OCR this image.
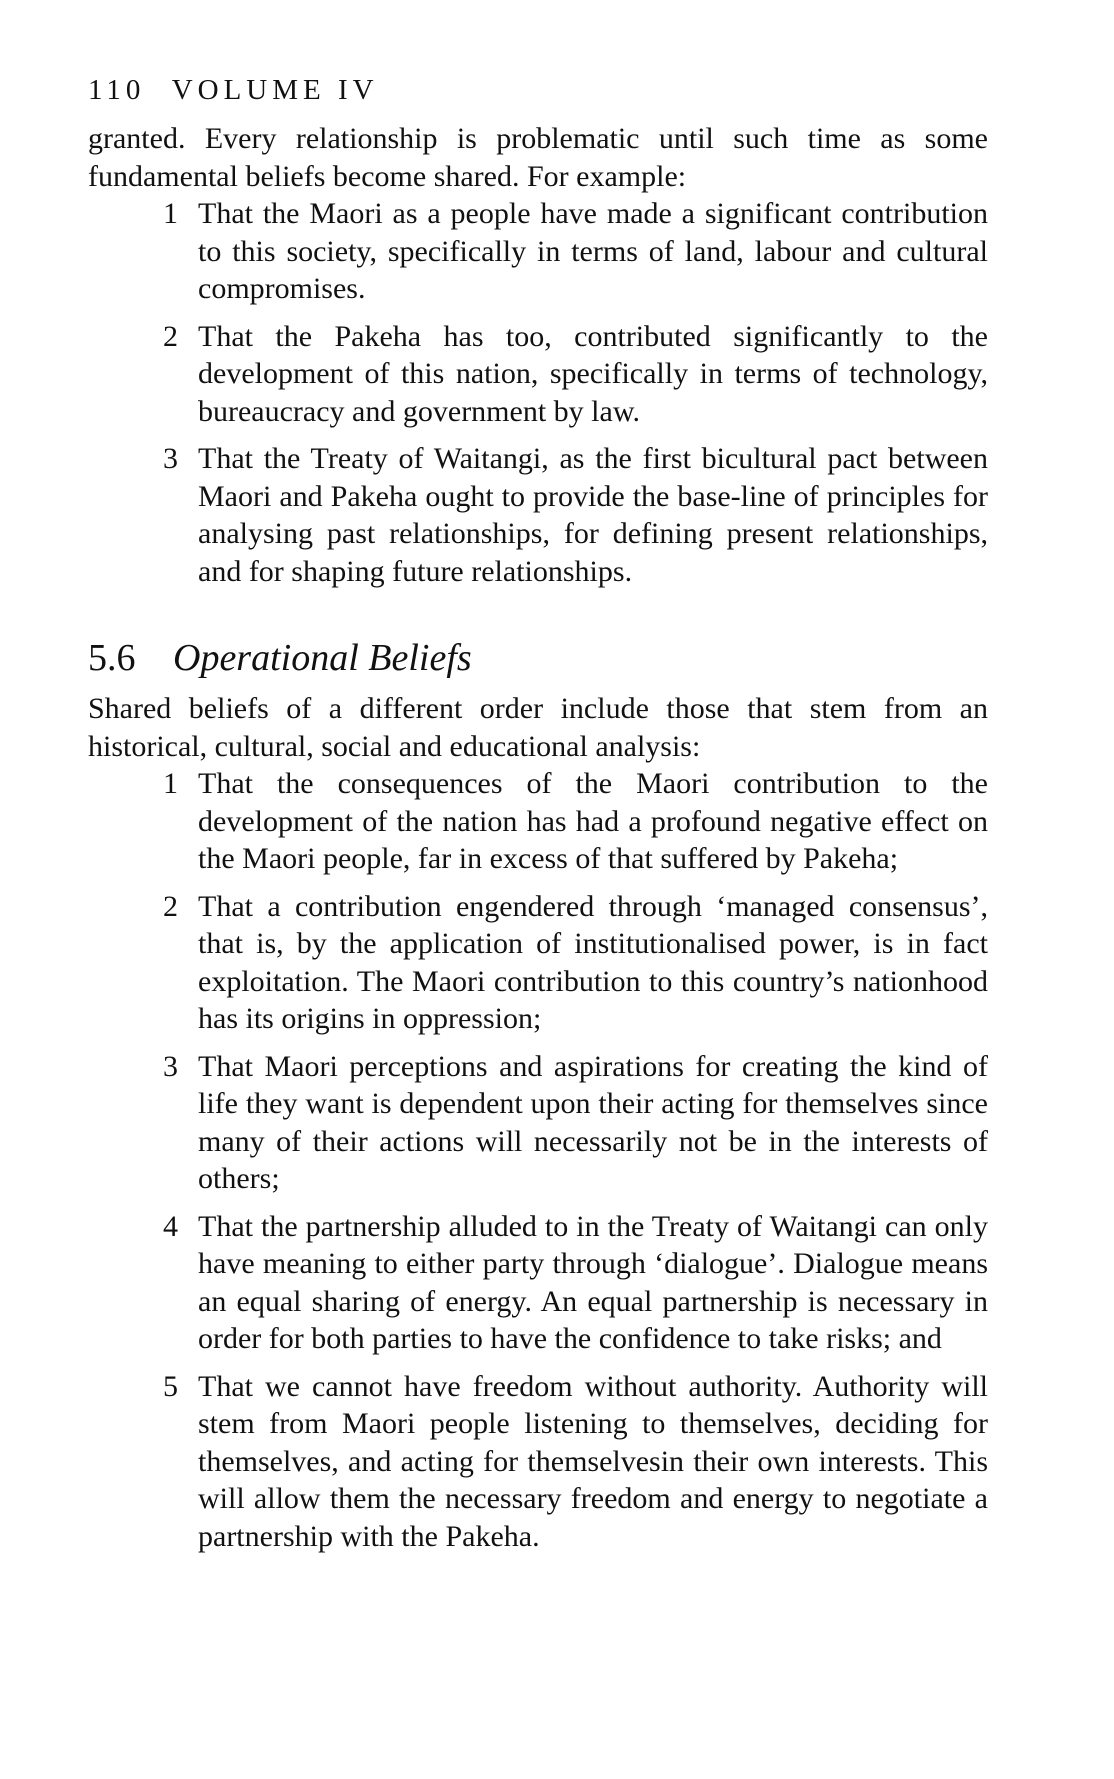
110 VOLUME IV

granted. Every relationship is problematic until such time as some fundamental beliefs become shared. For example:

1 That the Maori as a people have made a significant contribution to this society, specifically in terms of land, labour and cultural compromises.
2 That the Pakeha has too, contributed significantly to the development of this nation, specifically in terms of technology, bureaucracy and government by law.
3 That the Treaty of Waitangi, as the first bicultural pact between Maori and Pakeha ought to provide the base-line of principles for analysing past relationships, for defining present relationships, and for shaping future relationships.
5.6 Operational Beliefs

Shared beliefs of a different order include those that stem from an historical, cultural, social and educational analysis:

1 That the consequences of the Maori contribution to the development of the nation has had a profound negative effect on the Maori people, far in excess of that suffered by Pakeha;
2 That a contribution engendered through ‘managed consensus’, that is, by the application of institutionalised power, is in fact exploitation. The Maori contribution to this country’s nationhood has its origins in oppression;
3 That Maori perceptions and aspirations for creating the kind of life they want is dependent upon their acting for themselves since many of their actions will necessarily not be in the interests of others;
4 That the partnership alluded to in the Treaty of Waitangi can only have meaning to either party through ‘dialogue’. Dialogue means an equal sharing of energy. An equal partnership is necessary in order for both parties to have the confidence to take risks; and
5 That we cannot have freedom without authority. Authority will stem from Maori people listening to themselves, deciding for themselves, and acting for themselvesin their own interests. This will allow them the necessary freedom and energy to negotiate a partnership with the Pakeha.
